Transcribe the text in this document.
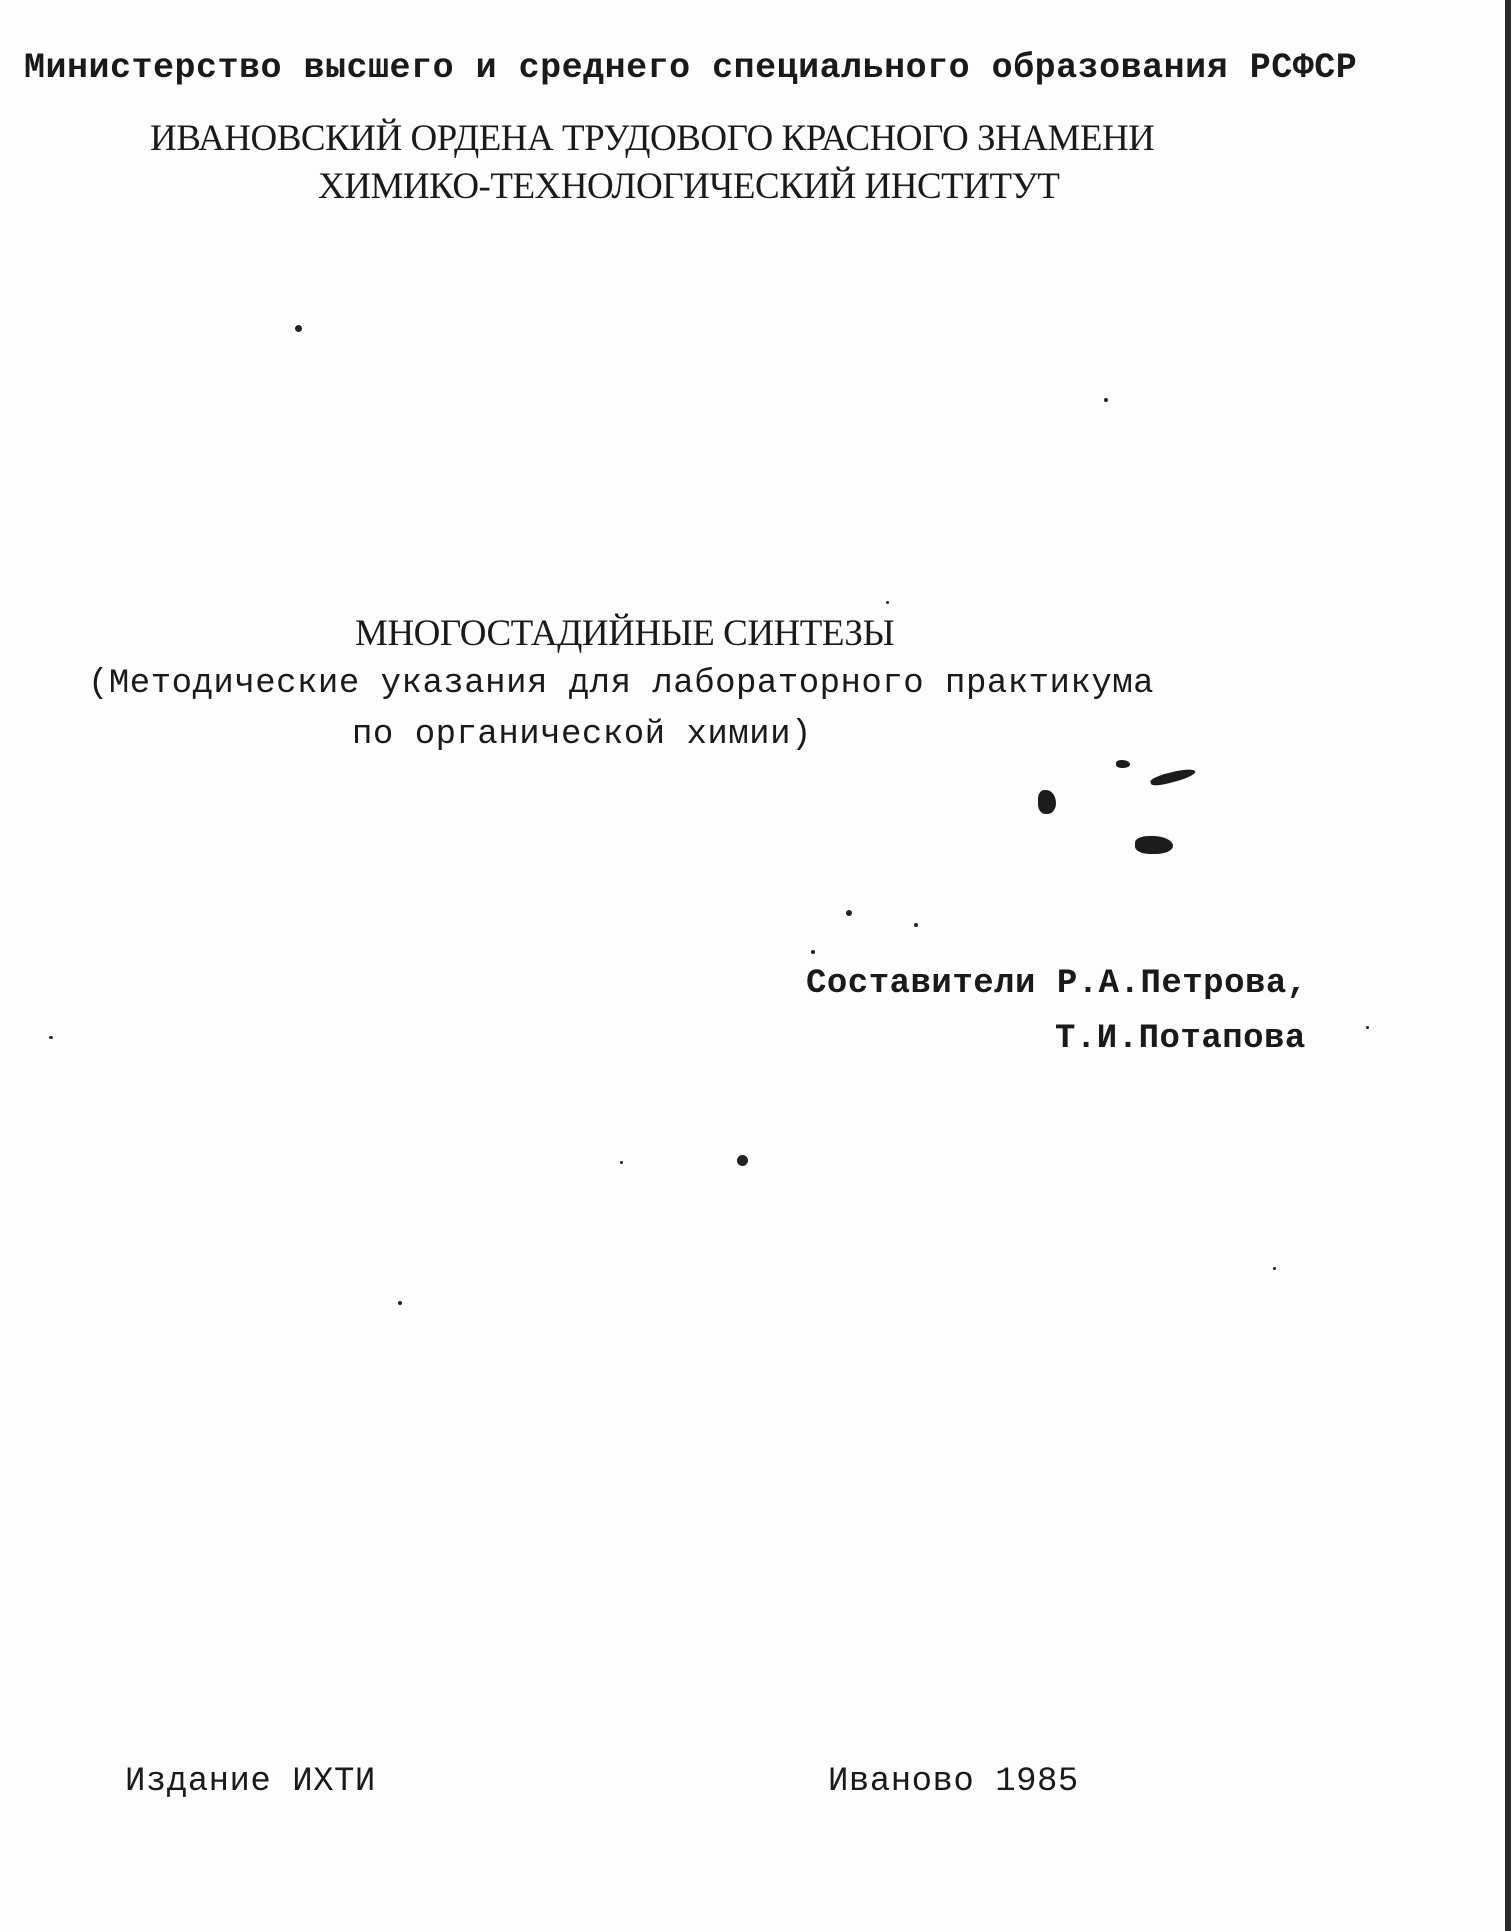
Министерство высшего и среднего специального образования РСФСР
ИВАНОВСКИЙ ОРДЕНА ТРУДОВОГО КРАСНОГО ЗНАМЕНИ
ХИМИКО-ТЕХНОЛОГИЧЕСКИЙ ИНСТИТУТ
МНОГОСТАДИЙНЫЕ СИНТЕЗЫ
(Методические указания для лабораторного практикума
по органической химии)
Составители Р.А.Петрова,
Т.И.Потапова
Издание ИХТИ	Иваново 1985
